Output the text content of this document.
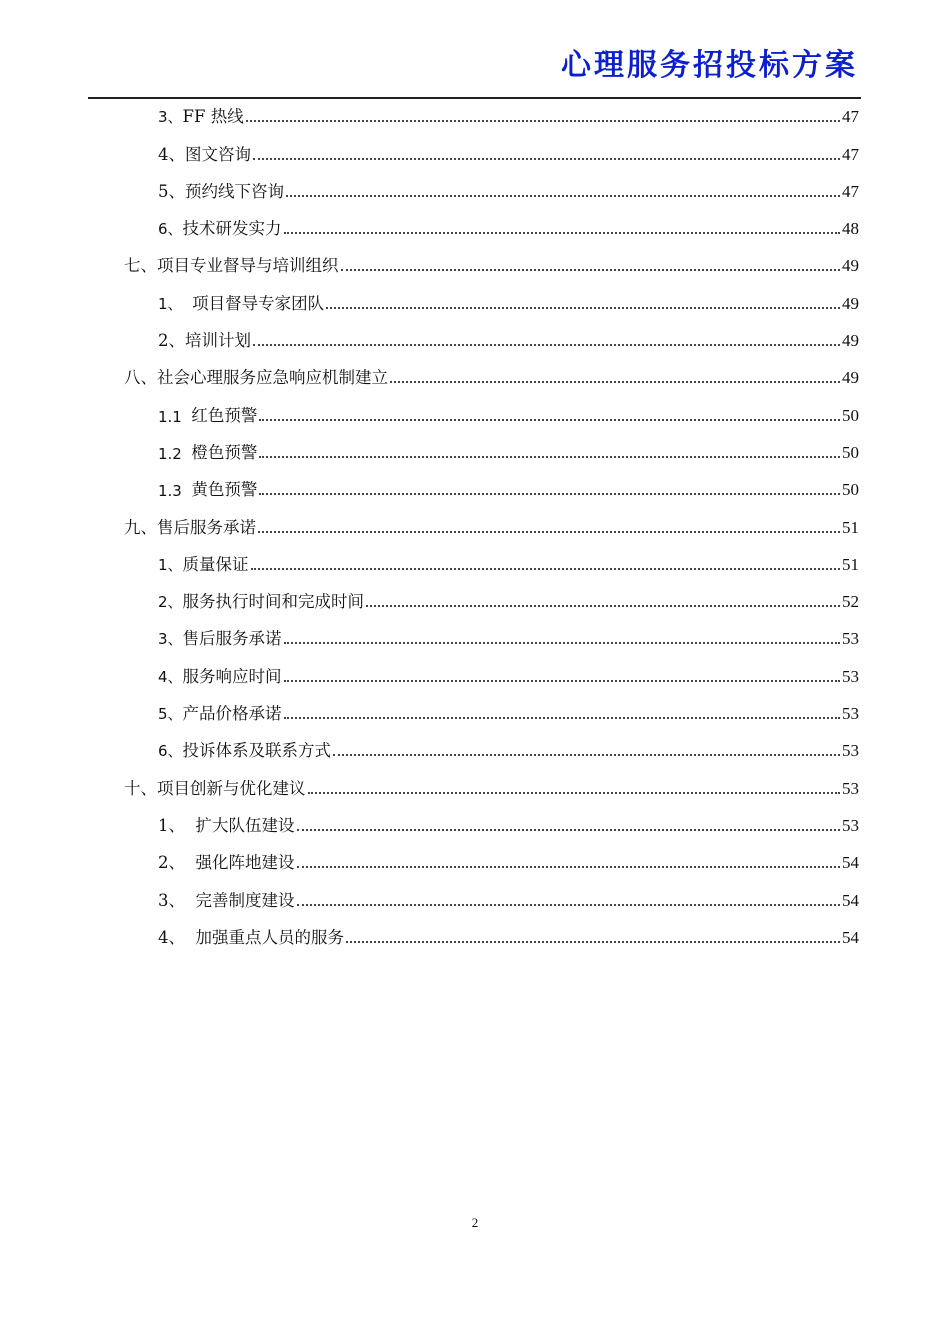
心理服务招投标方案
3、 FF 热线	47
4、 图文咨询	47
5、 预约线下咨询	47
6、 技术研发实力	48
七、 项目专业督导与培训组织	49
1、 项目督导专家团队	49
2、 培训计划	49
八、 社会心理服务应急响应机制建立	49
1.1 红色预警	50
1.2 橙色预警	50
1.3 黄色预警	50
九、 售后服务承诺	51
1、 质量保证	51
2、 服务执行时间和完成时间	52
3、 售后服务承诺	53
4、 服务响应时间	53
5、 产品价格承诺	53
6、 投诉体系及联系方式	53
十、 项目创新与优化建议	53
1、 扩大队伍建设	53
2、 强化阵地建设	54
3、 完善制度建设	54
4、 加强重点人员的服务	54
2
